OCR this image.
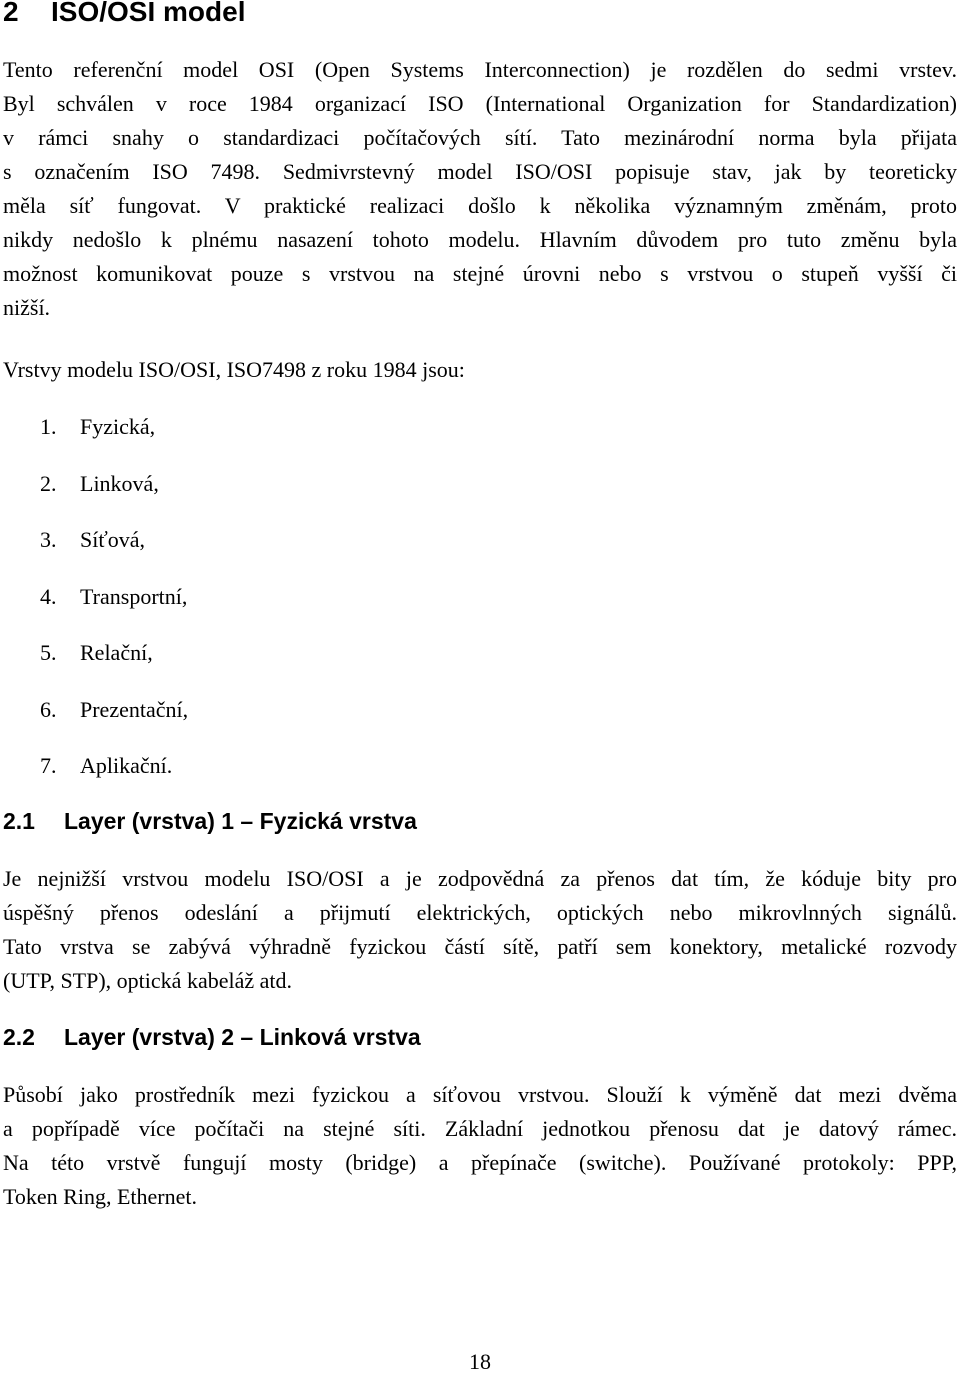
2 ISO/OSI model

Tento referenční model OSI (Open Systems Interconnection) je rozdělen do sedmi vrstev.
Byl schválen v roce 1984 organizací ISO (International Organization for Standardization)
v rámci snahy o standardizaci počítačových sítí. Tato mezinárodní norma byla přijata
s označením ISO 7498. Sedmivrstevný model ISO/OSI popisuje stav, jak by teoreticky
měla síť fungovat. V praktické realizaci došlo k několika významným změnám, proto
nikdy nedošlo k plnému nasazení tohoto modelu. Hlavním důvodem pro tuto změnu byla
možnost komunikovat pouze s vrstvou na stejné úrovni nebo s vrstvou o stupeň vyšší či
nižší.

Vrstvy modelu ISO/OSI, ISO7498 z roku 1984 jsou:

1. Fyzická,
2. Linková,
3. Síťová,
4. Transportní,
5. Relační,
6. Prezentační,
7. Aplikační.
2.1 Layer (vrstva) 1 – Fyzická vrstva

Je nejnižší vrstvou modelu ISO/OSI a je zodpovědná za přenos dat tím, že kóduje bity pro
úspěšný přenos odeslání a přijmutí elektrických, optických nebo mikrovlnných signálů.
Tato vrstva se zabývá výhradně fyzickou částí sítě, patří sem konektory, metalické rozvody
(UTP, STP), optická kabeláž atd.

2.2 Layer (vrstva) 2 – Linková vrstva

Působí jako prostředník mezi fyzickou a síťovou vrstvou. Slouží k výměně dat mezi dvěma
a popřípadě více počítači na stejné síti. Základní jednotkou přenosu dat je datový rámec.
Na této vrstvě fungují mosty (bridge) a přepínače (switche). Používané protokoly: PPP,
Token Ring, Ethernet.

18
